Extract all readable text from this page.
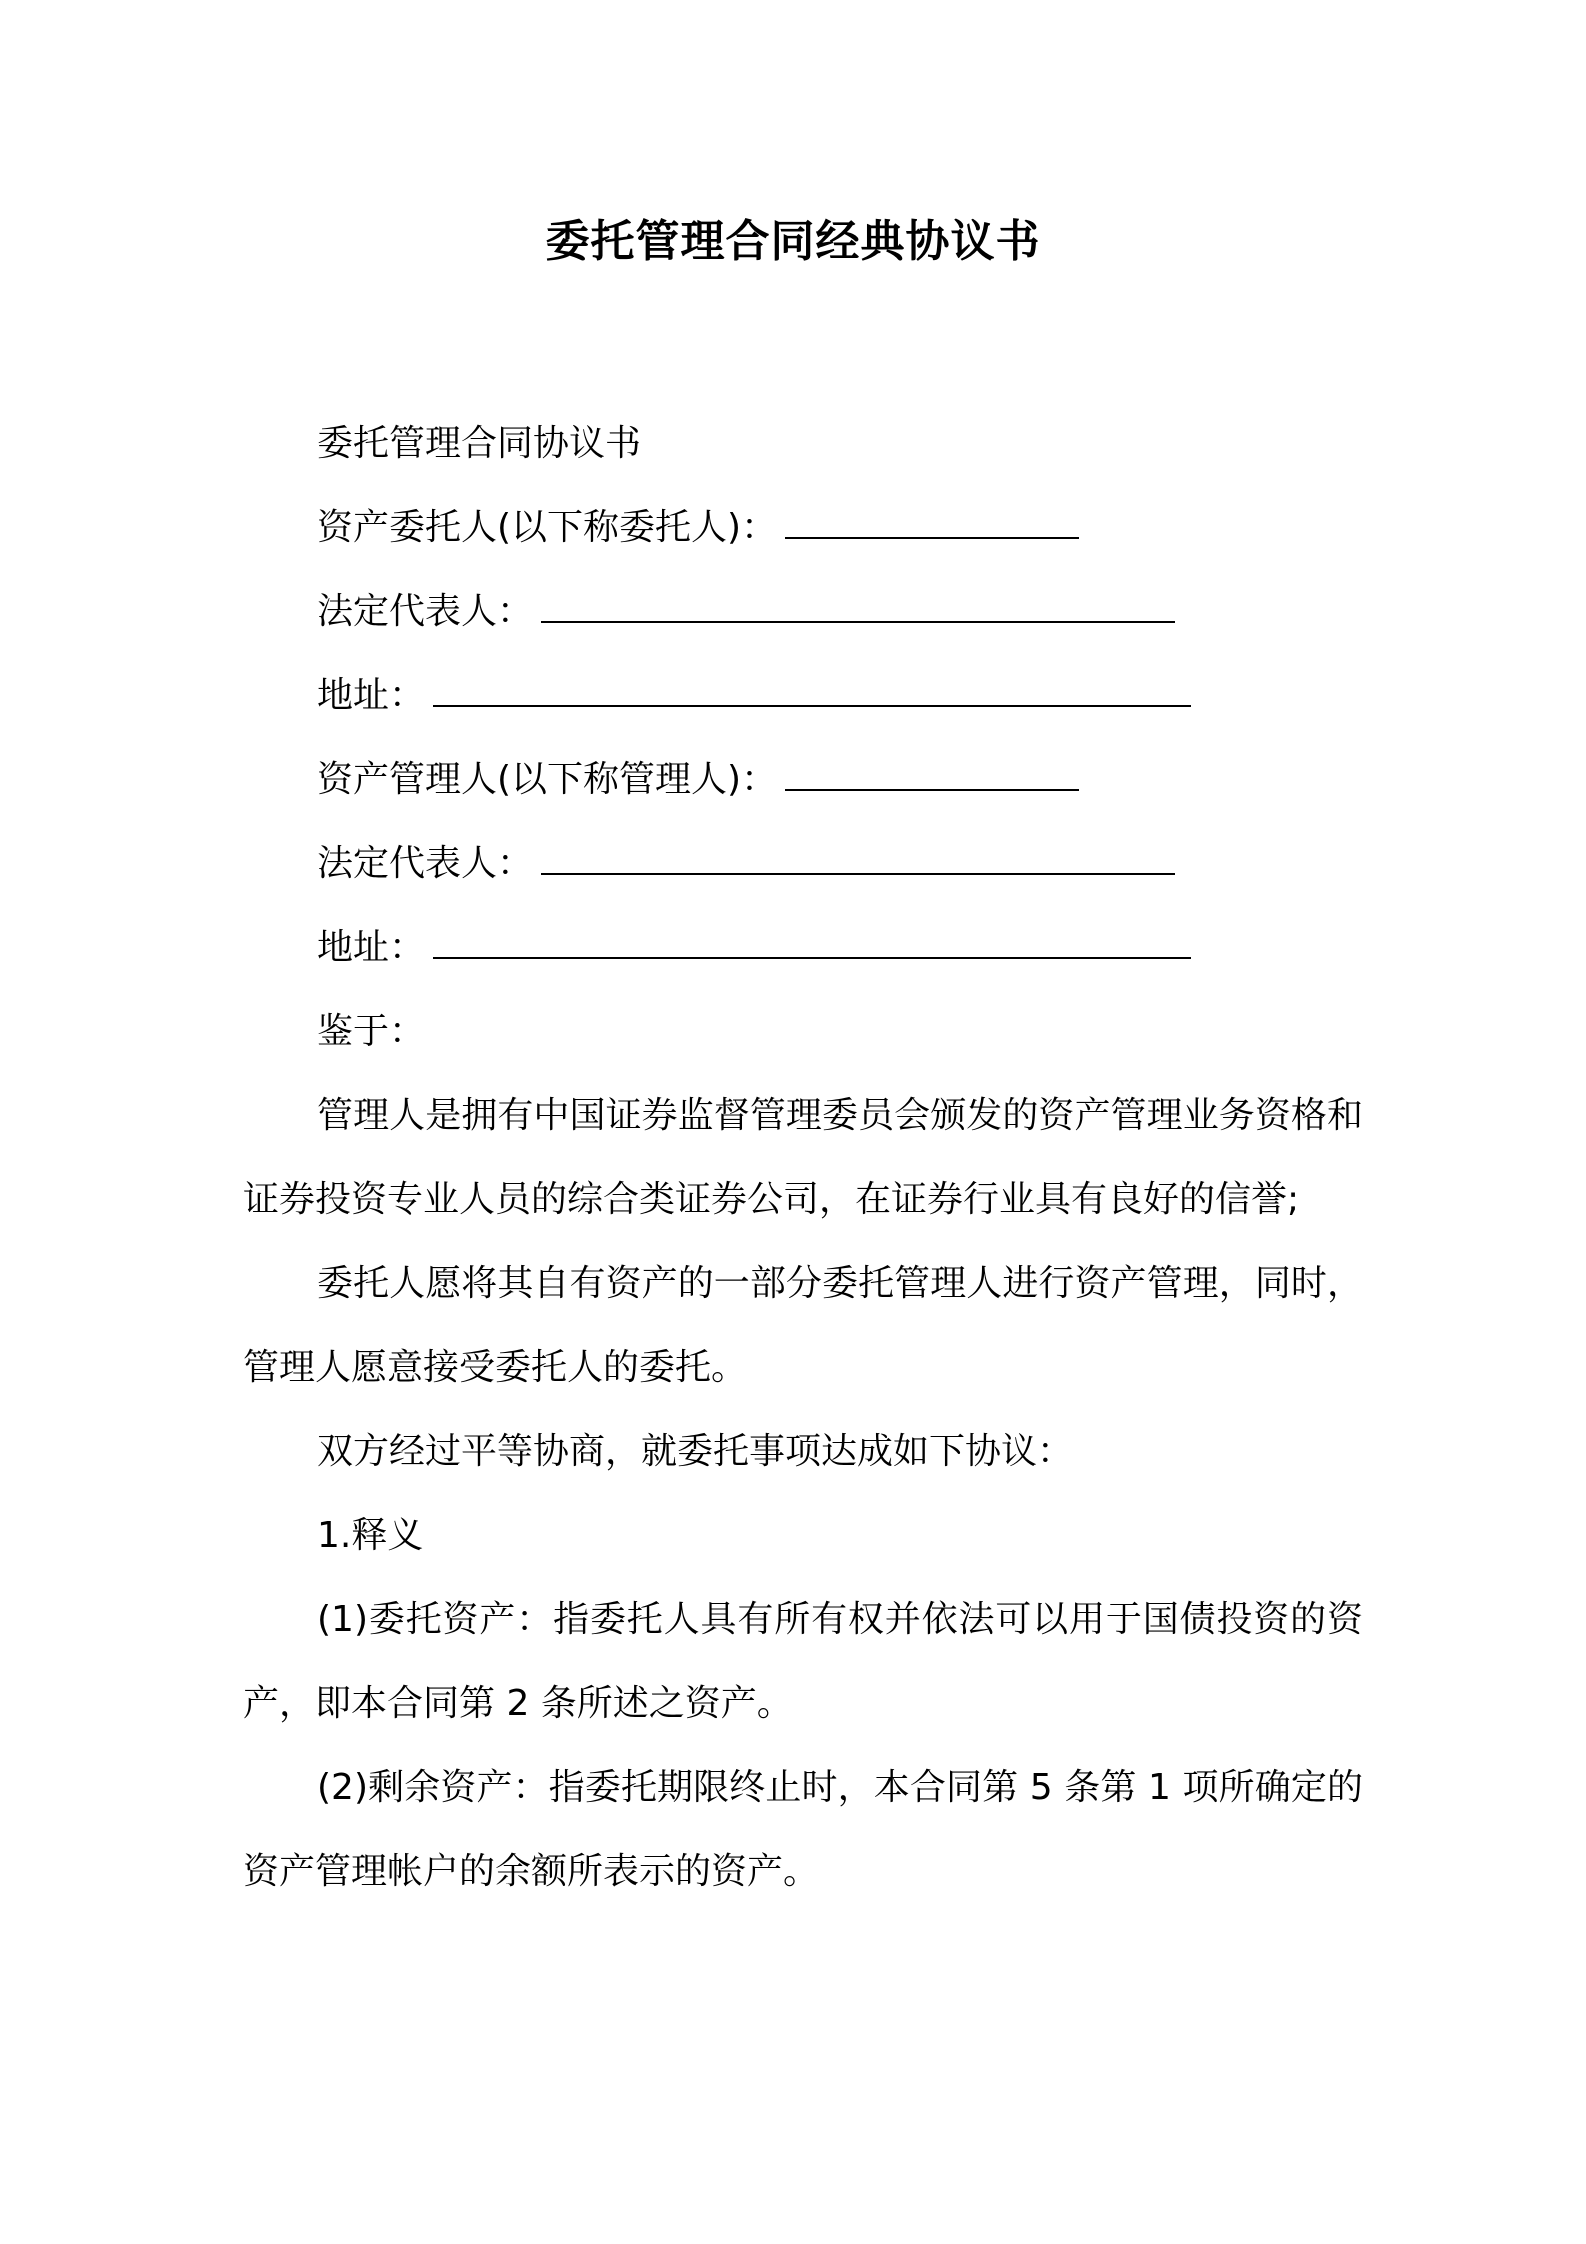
委托管理合同经典协议书

委托管理合同协议书

资产委托人(以下称委托人)：

法定代表人：

地址：

资产管理人(以下称管理人)：

法定代表人：

地址：

鉴于：

管理人是拥有中国证券监督管理委员会颁发的资产管理业务资格和证券投资专业人员的综合类证券公司，在证券行业具有良好的信誉;

委托人愿将其自有资产的一部分委托管理人进行资产管理，同时，管理人愿意接受委托人的委托。

双方经过平等协商，就委托事项达成如下协议：

1.释义

(1)委托资产：指委托人具有所有权并依法可以用于国债投资的资产，即本合同第 2 条所述之资产。

(2)剩余资产：指委托期限终止时，本合同第 5 条第 1 项所确定的资产管理帐户的余额所表示的资产。
